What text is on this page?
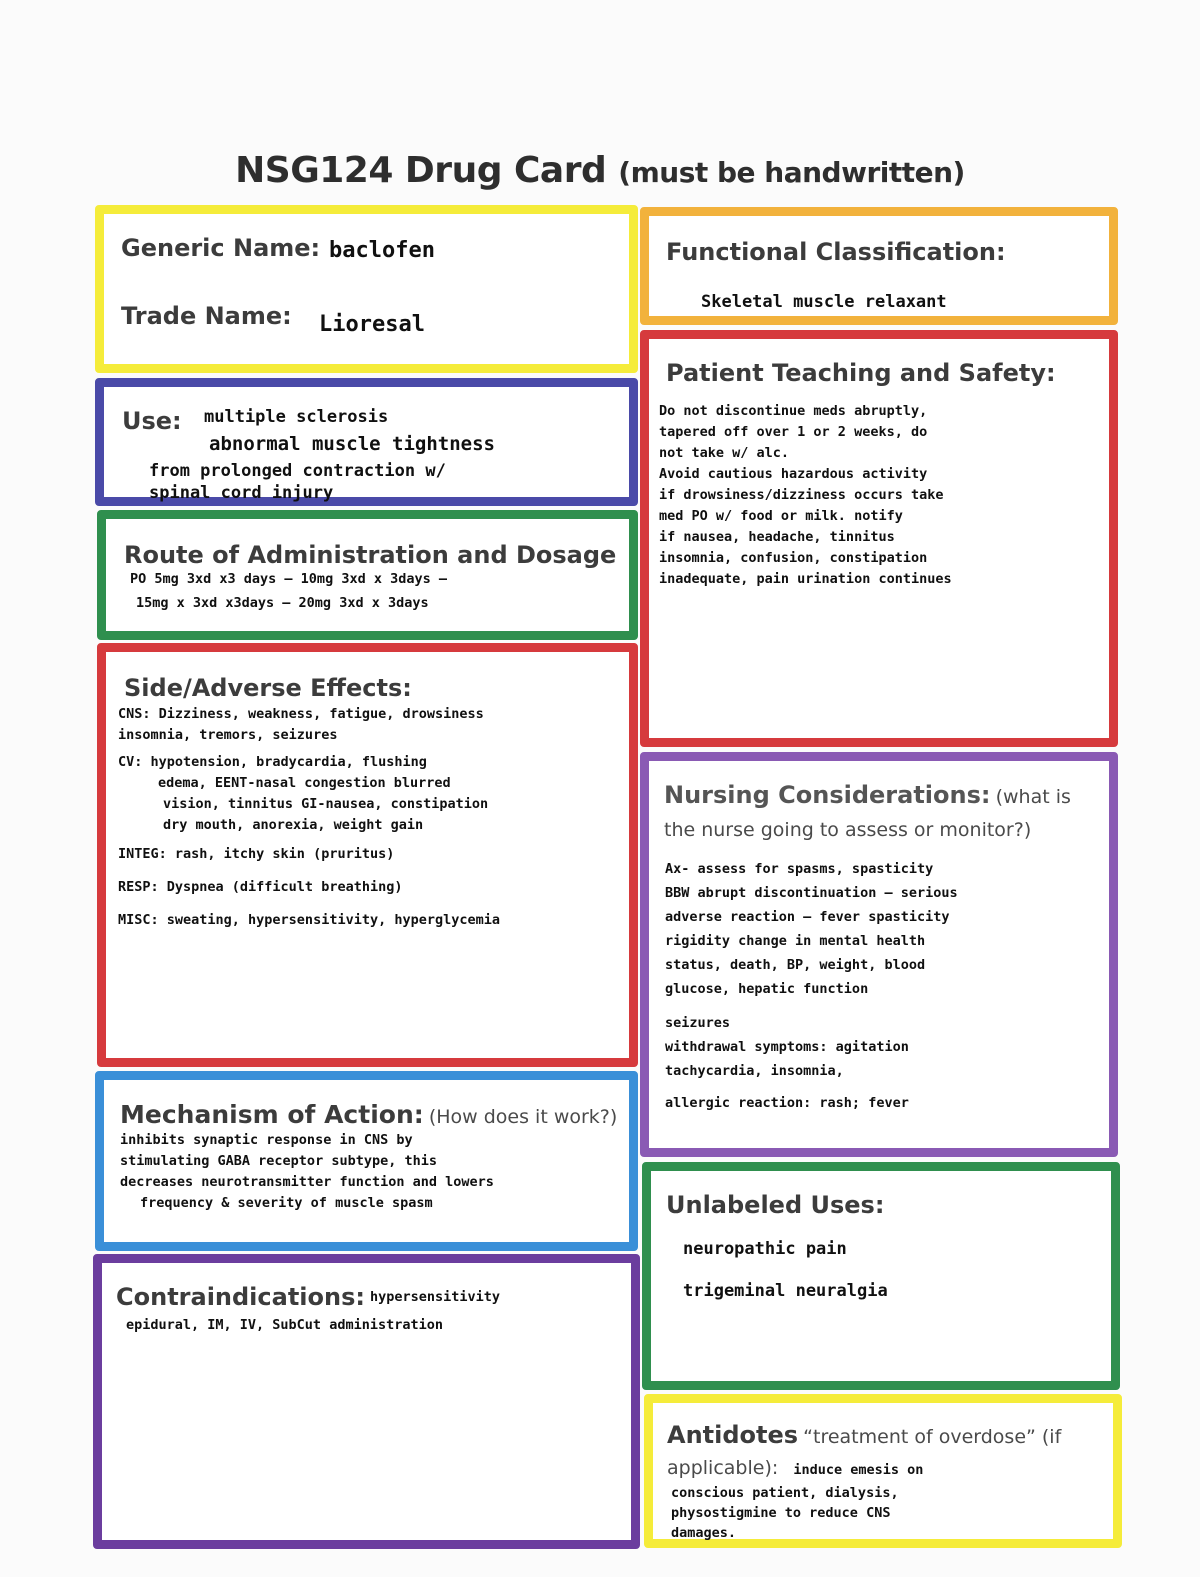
NSG124 Drug Card (must be handwritten)
Generic Name: baclofen
Trade Name: Lioresal
Functional Classification:
Skeletal muscle relaxant
Use: multiple sclerosis
abnormal muscle tightness
from prolonged contraction w/
spinal cord injury
Route of Administration and Dosage
PO 5mg 3xd x3 days – 10mg 3xd x 3days –
15mg x 3xd x3days – 20mg 3xd x 3days
Side/Adverse Effects:
CNS: Dizziness, weakness, fatigue, drowsiness
insomnia, tremors, seizures
CV: hypotension, bradycardia, flushing
edema, EENT-nasal congestion blurred
vision, tinnitus GI-nausea, constipation
dry mouth, anorexia, weight gain
INTEG: rash, itchy skin (pruritus)
RESP: Dyspnea (difficult breathing)
MISC: sweating, hypersensitivity, hyperglycemia
Mechanism of Action: (How does it work?)
inhibits synaptic response in CNS by
stimulating GABA receptor subtype, this
decreases neurotransmitter function and lowers
frequency & severity of muscle spasm
Contraindications: hypersensitivity
epidural, IM, IV, SubCut administration
Patient Teaching and Safety:
Do not discontinue meds abruptly,
tapered off over 1 or 2 weeks, do
not take w/ alc.
Avoid cautious hazardous activity
if drowsiness/dizziness occurs take
med PO w/ food or milk. notify
if nausea, headache, tinnitus
insomnia, confusion, constipation
inadequate, pain urination continues
Nursing Considerations: (what is
the nurse going to assess or monitor?)
Ax- assess for spasms, spasticity
BBW abrupt discontinuation – serious
adverse reaction – fever spasticity
rigidity change in mental health
status, death, BP, weight, blood
glucose, hepatic function
seizures
withdrawal symptoms: agitation
tachycardia, insomnia,
allergic reaction: rash; fever
Unlabeled Uses:
neuropathic pain
trigeminal neuralgia
Antidotes “treatment of overdose” (if
applicable): induce emesis on
conscious patient, dialysis,
physostigmine to reduce CNS
damages.
